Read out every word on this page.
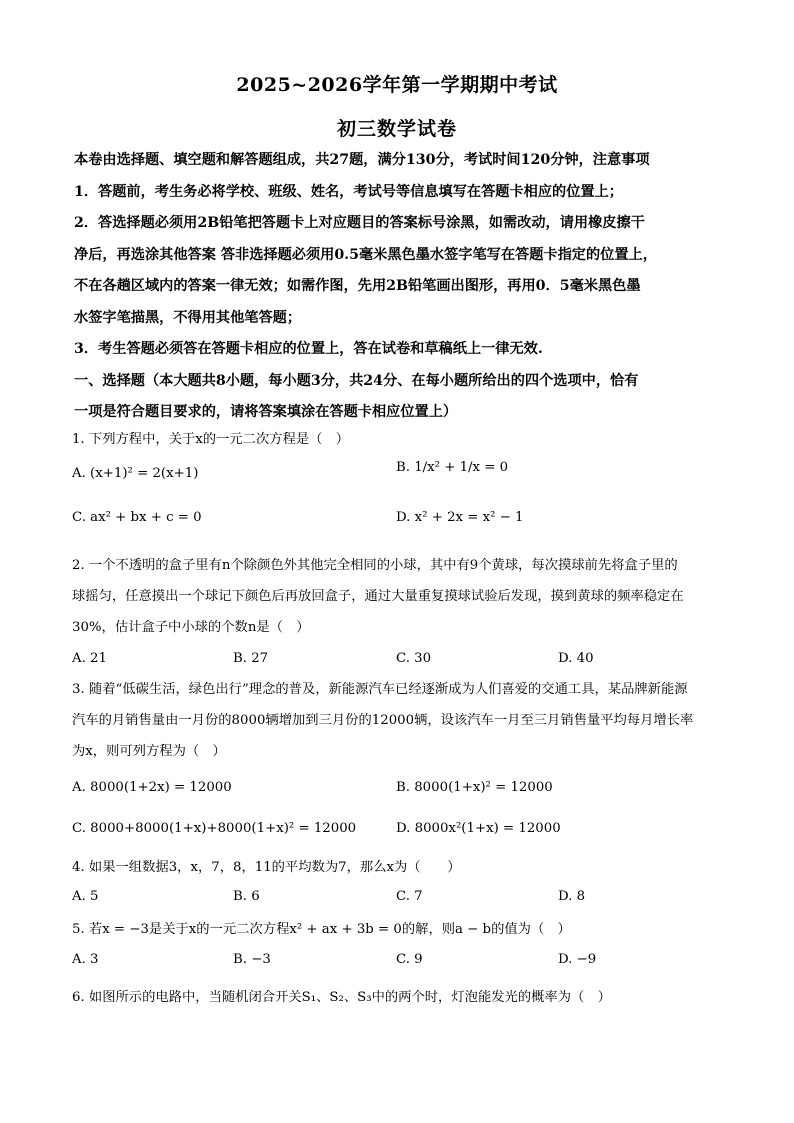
2025~2026学年第一学期期中考试
初三数学试卷
本卷由选择题、填空题和解答题组成，共27题，满分130分，考试时间120分钟，注意事项
1．答题前，考生务必将学校、班级、姓名，考试号等信息填写在答题卡相应的位置上；
2．答选择题必须用2B铅笔把答题卡上对应题目的答案标号涂黑，如需改动，请用橡皮擦干
净后，再选涂其他答案 答非选择题必须用0.5毫米黑色墨水签字笔写在答题卡指定的位置上，
不在各趟区域内的答案一律无效；如需作图，先用2B铅笔画出图形，再用0．5毫米黑色墨
水签字笔描黑，不得用其他笔答题；
3．考生答题必须答在答题卡相应的位置上，答在试卷和草稿纸上一律无效.
一、选择题（本大题共8小题，每小题3分，共24分、在每小题所给出的四个选项中，恰有
一项是符合题目要求的，请将答案填涂在答题卡相应位置上）
1. 下列方程中，关于x的一元二次方程是（　）
A. (x+1)² = 2(x+1)	B. 1/x² + 1/x = 0
C. ax² + bx + c = 0	D. x² + 2x = x² − 1
2. 一个不透明的盒子里有n个除颜色外其他完全相同的小球，其中有9个黄球，每次摸球前先将盒子里的
球摇匀，任意摸出一个球记下颜色后再放回盒子，通过大量重复摸球试验后发现，摸到黄球的频率稳定在
30%，估计盒子中小球的个数n是（　）
A. 21	B. 27	C. 30	D. 40
3. 随着“低碳生活，绿色出行”理念的普及，新能源汽车已经逐渐成为人们喜爱的交通工具，某品牌新能源
汽车的月销售量由一月份的8000辆增加到三月份的12000辆，设该汽车一月至三月销售量平均每月增长率
为x，则可列方程为（　）
A. 8000(1+2x) = 12000	B. 8000(1+x)² = 12000
C. 8000+8000(1+x)+8000(1+x)² = 12000	D. 8000x²(1+x) = 12000
4. 如果一组数据3，x，7，8，11的平均数为7，那么x为（　　）
A. 5	B. 6	C. 7	D. 8
5. 若x = −3是关于x的一元二次方程x² + ax + 3b = 0的解，则a − b的值为（　）
A. 3	B. −3	C. 9	D. −9
6. 如图所示的电路中，当随机闭合开关S₁、S₂、S₃中的两个时，灯泡能发光的概率为（　）
